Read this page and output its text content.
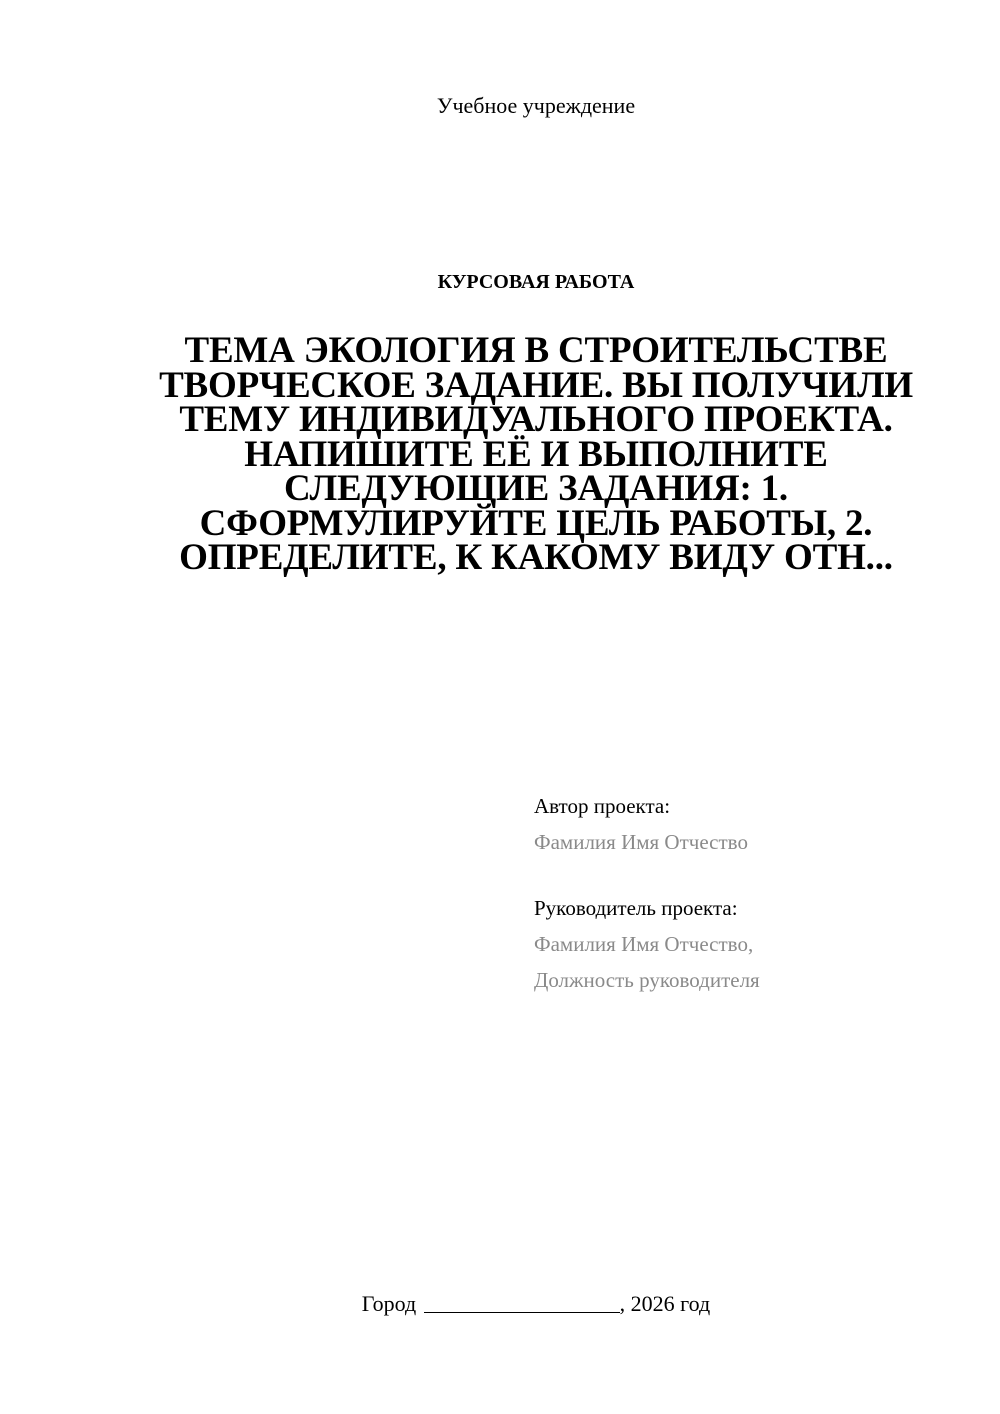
Учебное учреждение
КУРСОВАЯ РАБОТА
ТЕМА ЭКОЛОГИЯ В СТРОИТЕЛЬСТВЕ ТВОРЧЕСКОЕ ЗАДАНИЕ. ВЫ ПОЛУЧИЛИ ТЕМУ ИНДИВИДУАЛЬНОГО ПРОЕКТА. НАПИШИТЕ ЕЁ И ВЫПОЛНИТЕ СЛЕДУЮЩИЕ ЗАДАНИЯ: 1. СФОРМУЛИРУЙТЕ ЦЕЛЬ РАБОТЫ, 2. ОПРЕДЕЛИТЕ, К КАКОМУ ВИДУ ОТН...
Автор проекта:
Фамилия Имя Отчество
Руководитель проекта:
Фамилия Имя Отчество,
Должность руководителя
Город	, 2026 год
